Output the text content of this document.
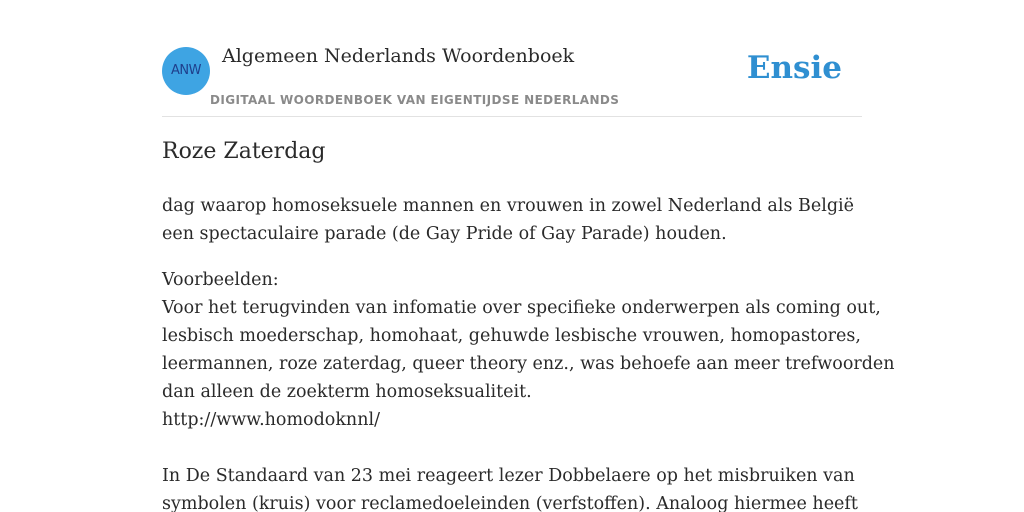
ANW
Algemeen Nederlands Woordenboek
DIGITAAL WOORDENBOEK VAN EIGENTIJDSE NEDERLANDS
Ensie
Roze Zaterdag

dag waarop homoseksuele mannen en vrouwen in zowel Nederland als België
een spectaculaire parade (de Gay Pride of Gay Parade) houden.

Voorbeelden:
Voor het terugvinden van infomatie over specifieke onderwerpen als coming out,
lesbisch moederschap, homohaat, gehuwde lesbische vrouwen, homopastores,
leermannen, roze zaterdag, queer theory enz., was behoefe aan meer trefwoorden
dan alleen de zoekterm homoseksualiteit.
http://www.homodoknnl/
In De Standaard van 23 mei reageert lezer Dobbelaere op het misbruiken van
symbolen (kruis) voor reclamedoeleinden (verfstoffen). Analoog hiermee heeft
